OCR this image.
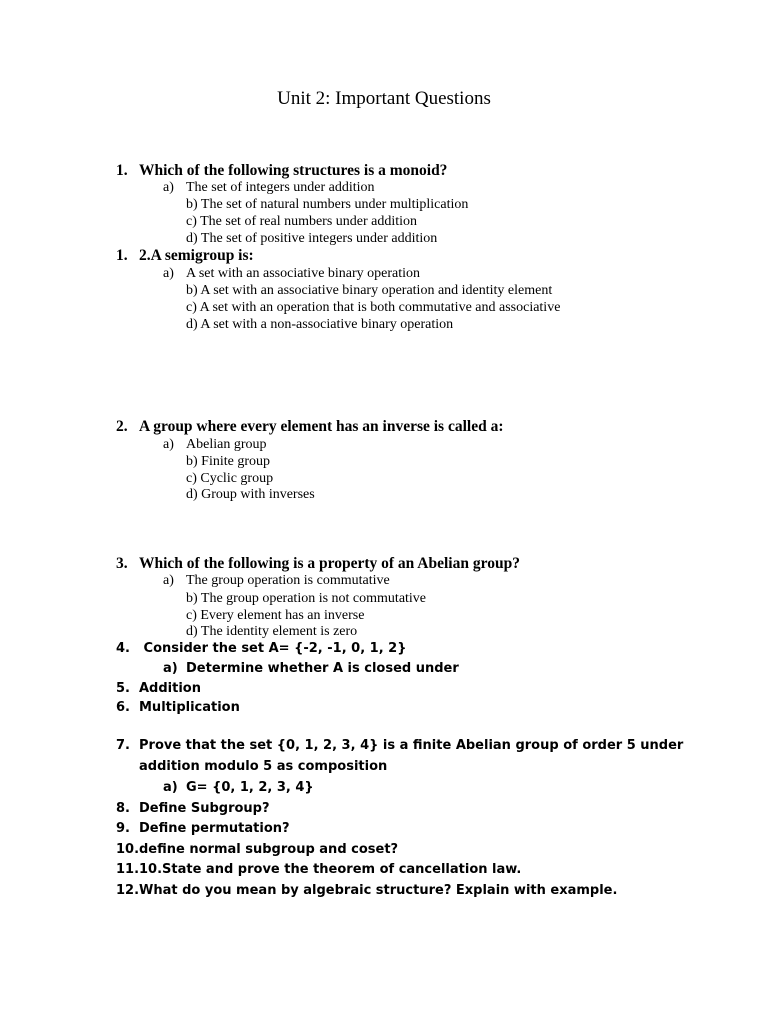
Unit 2: Important Questions
1. Which of the following structures is a monoid?
a) The set of integers under addition
b) The set of natural numbers under multiplication
c) The set of real numbers under addition
d) The set of positive integers under addition
1. 2.A semigroup is:
a) A set with an associative binary operation
b) A set with an associative binary operation and identity element
c) A set with an operation that is both commutative and associative
d) A set with a non-associative binary operation
2. A group where every element has an inverse is called a:
a) Abelian group
b) Finite group
c) Cyclic group
d) Group with inverses
3. Which of the following is a property of an Abelian group?
a) The group operation is commutative
b) The group operation is not commutative
c) Every element has an inverse
d) The identity element is zero
4. Consider the set A= {-2, -1, 0, 1, 2}
a) Determine whether A is closed under
5. Addition
6. Multiplication
7. Prove that the set {0, 1, 2, 3, 4} is a finite Abelian group of order 5 under
addition modulo 5 as composition
a) G= {0, 1, 2, 3, 4}
8. Define Subgroup?
9. Define permutation?
10.define normal subgroup and coset?
11.10.State and prove the theorem of cancellation law.
12.What do you mean by algebraic structure? Explain with example.
